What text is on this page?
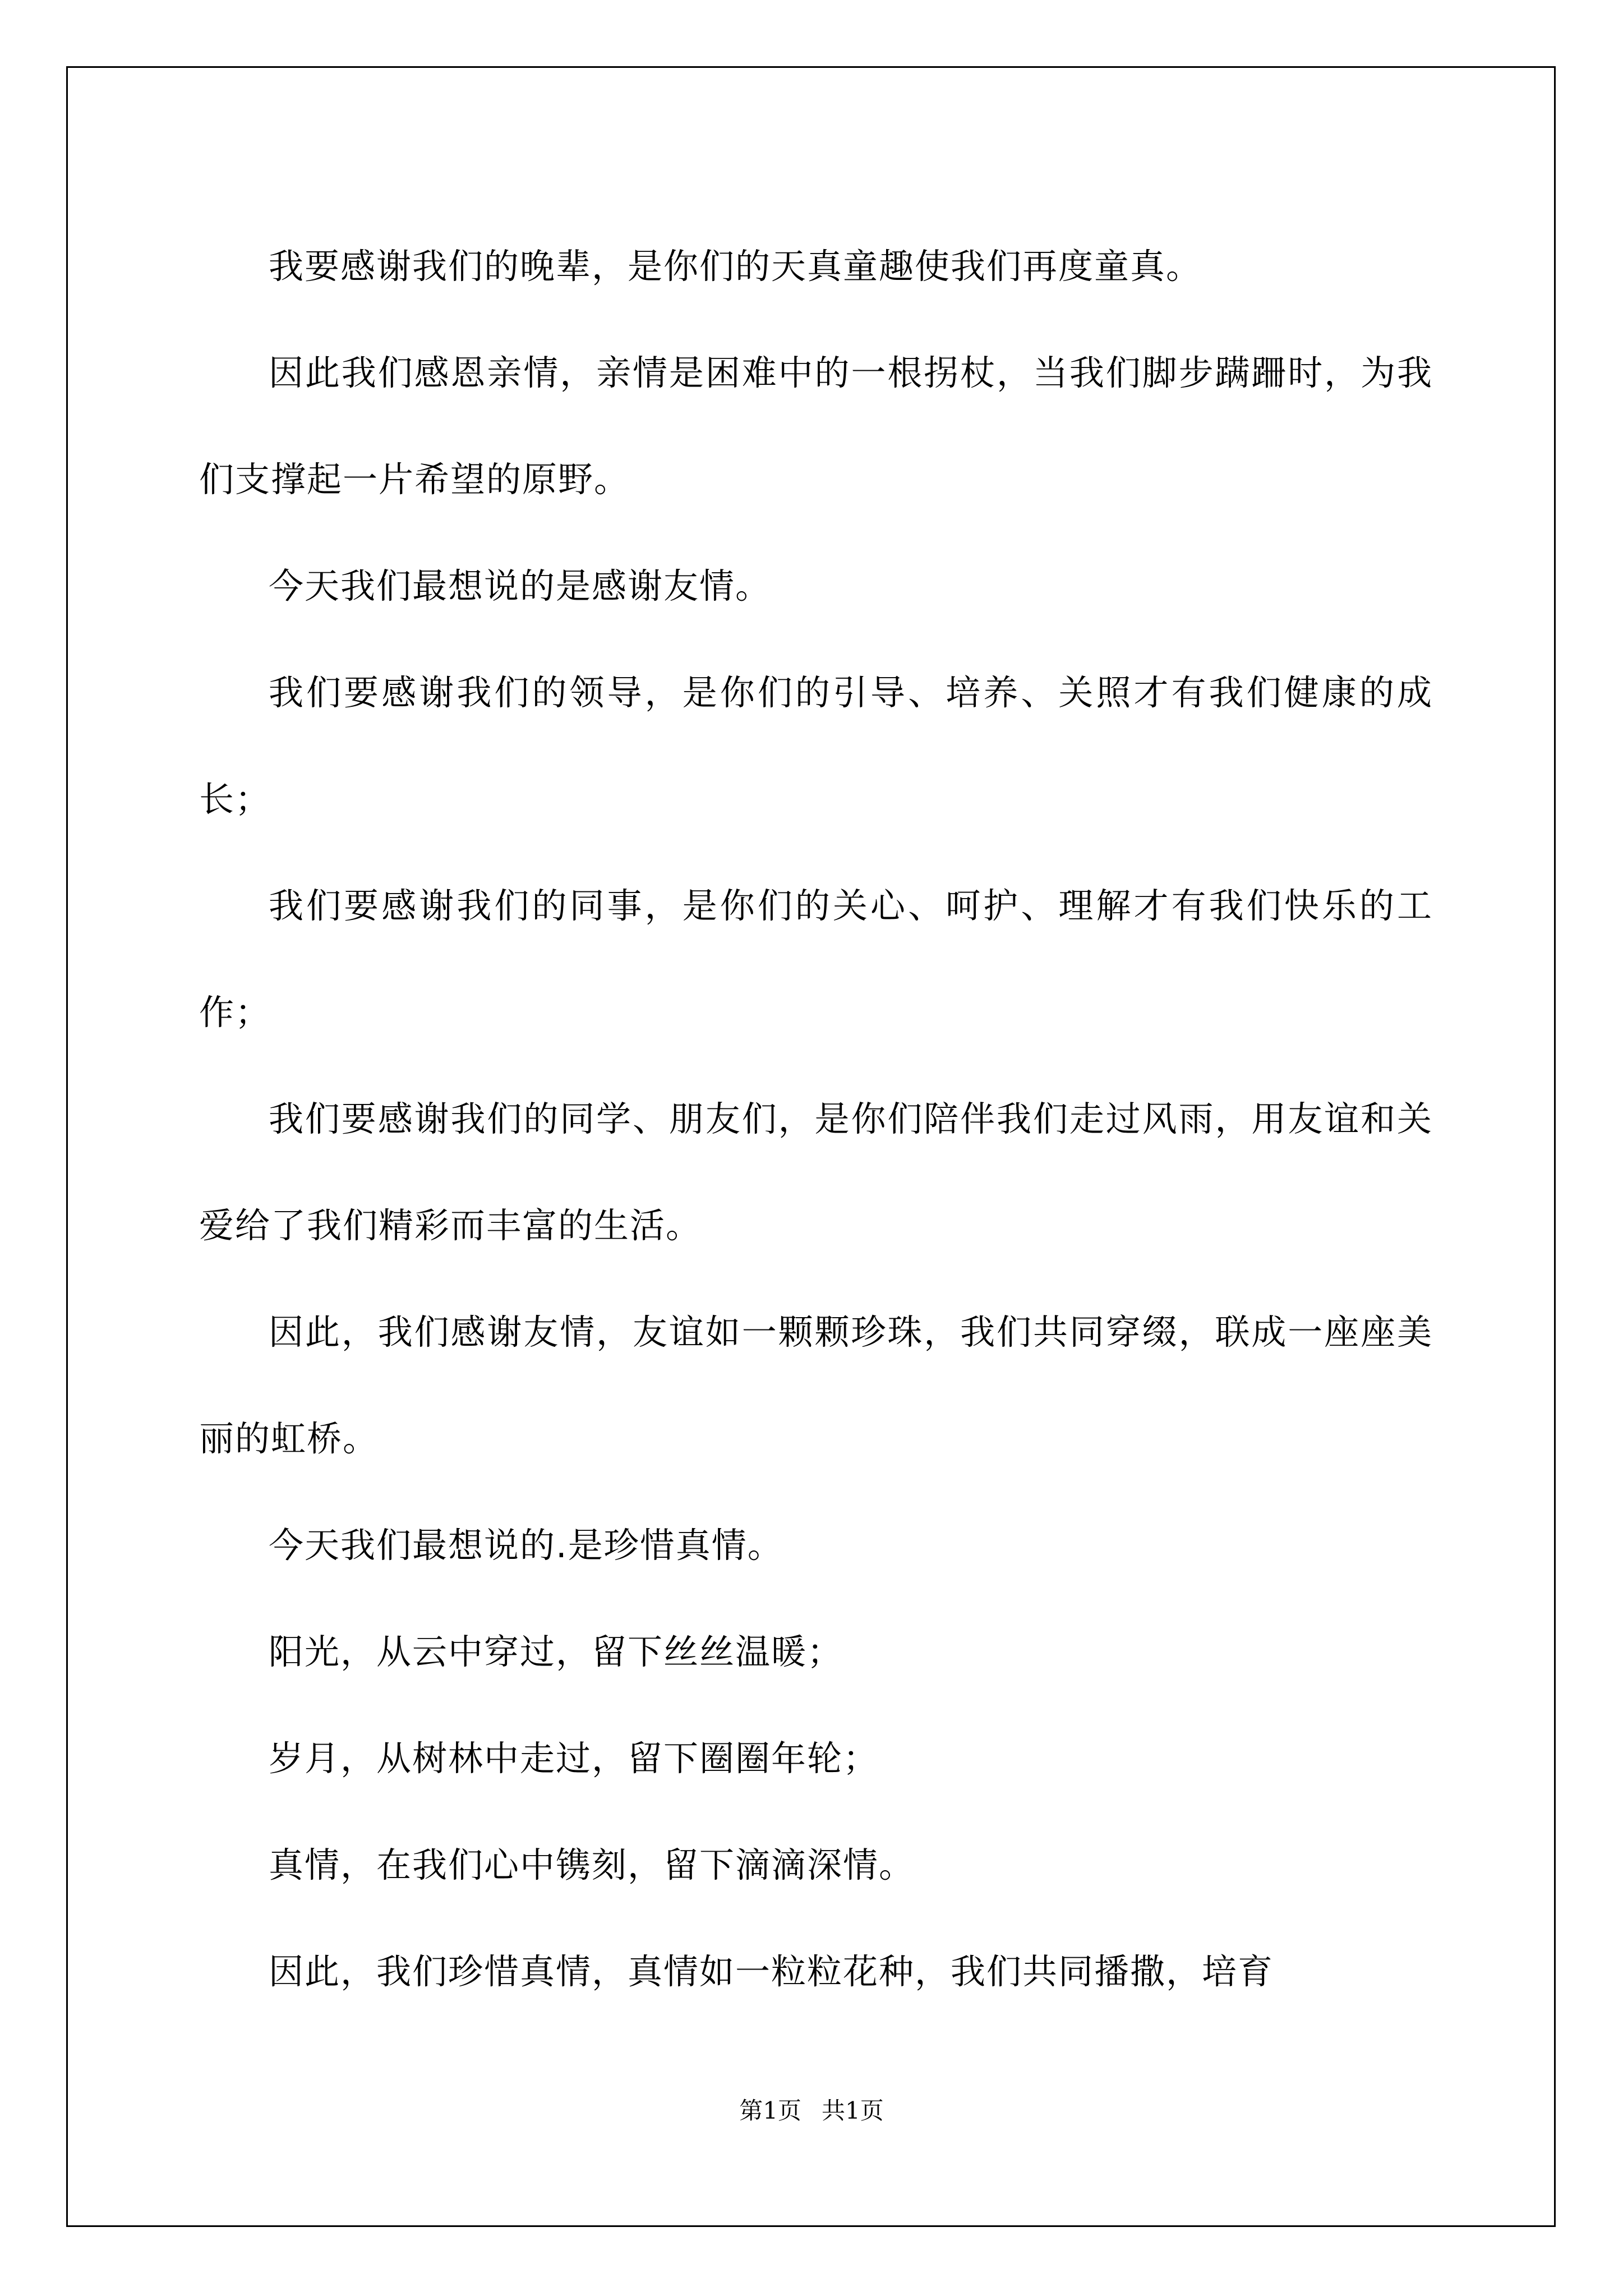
我要感谢我们的晚辈，是你们的天真童趣使我们再度童真。

因此我们感恩亲情，亲情是困难中的一根拐杖，当我们脚步蹒跚时，为我们支撑起一片希望的原野。

今天我们最想说的是感谢友情。

我们要感谢我们的领导，是你们的引导、培养、关照才有我们健康的成长；

我们要感谢我们的同事，是你们的关心、呵护、理解才有我们快乐的工作；

我们要感谢我们的同学、朋友们，是你们陪伴我们走过风雨，用友谊和关爱给了我们精彩而丰富的生活。

因此，我们感谢友情，友谊如一颗颗珍珠，我们共同穿缀，联成一座座美丽的虹桥。

今天我们最想说的.是珍惜真情。

阳光，从云中穿过，留下丝丝温暖；

岁月，从树林中走过，留下圈圈年轮；

真情，在我们心中镌刻，留下滴滴深情。

因此，我们珍惜真情，真情如一粒粒花种，我们共同播撒，培育

第1页 共1页
